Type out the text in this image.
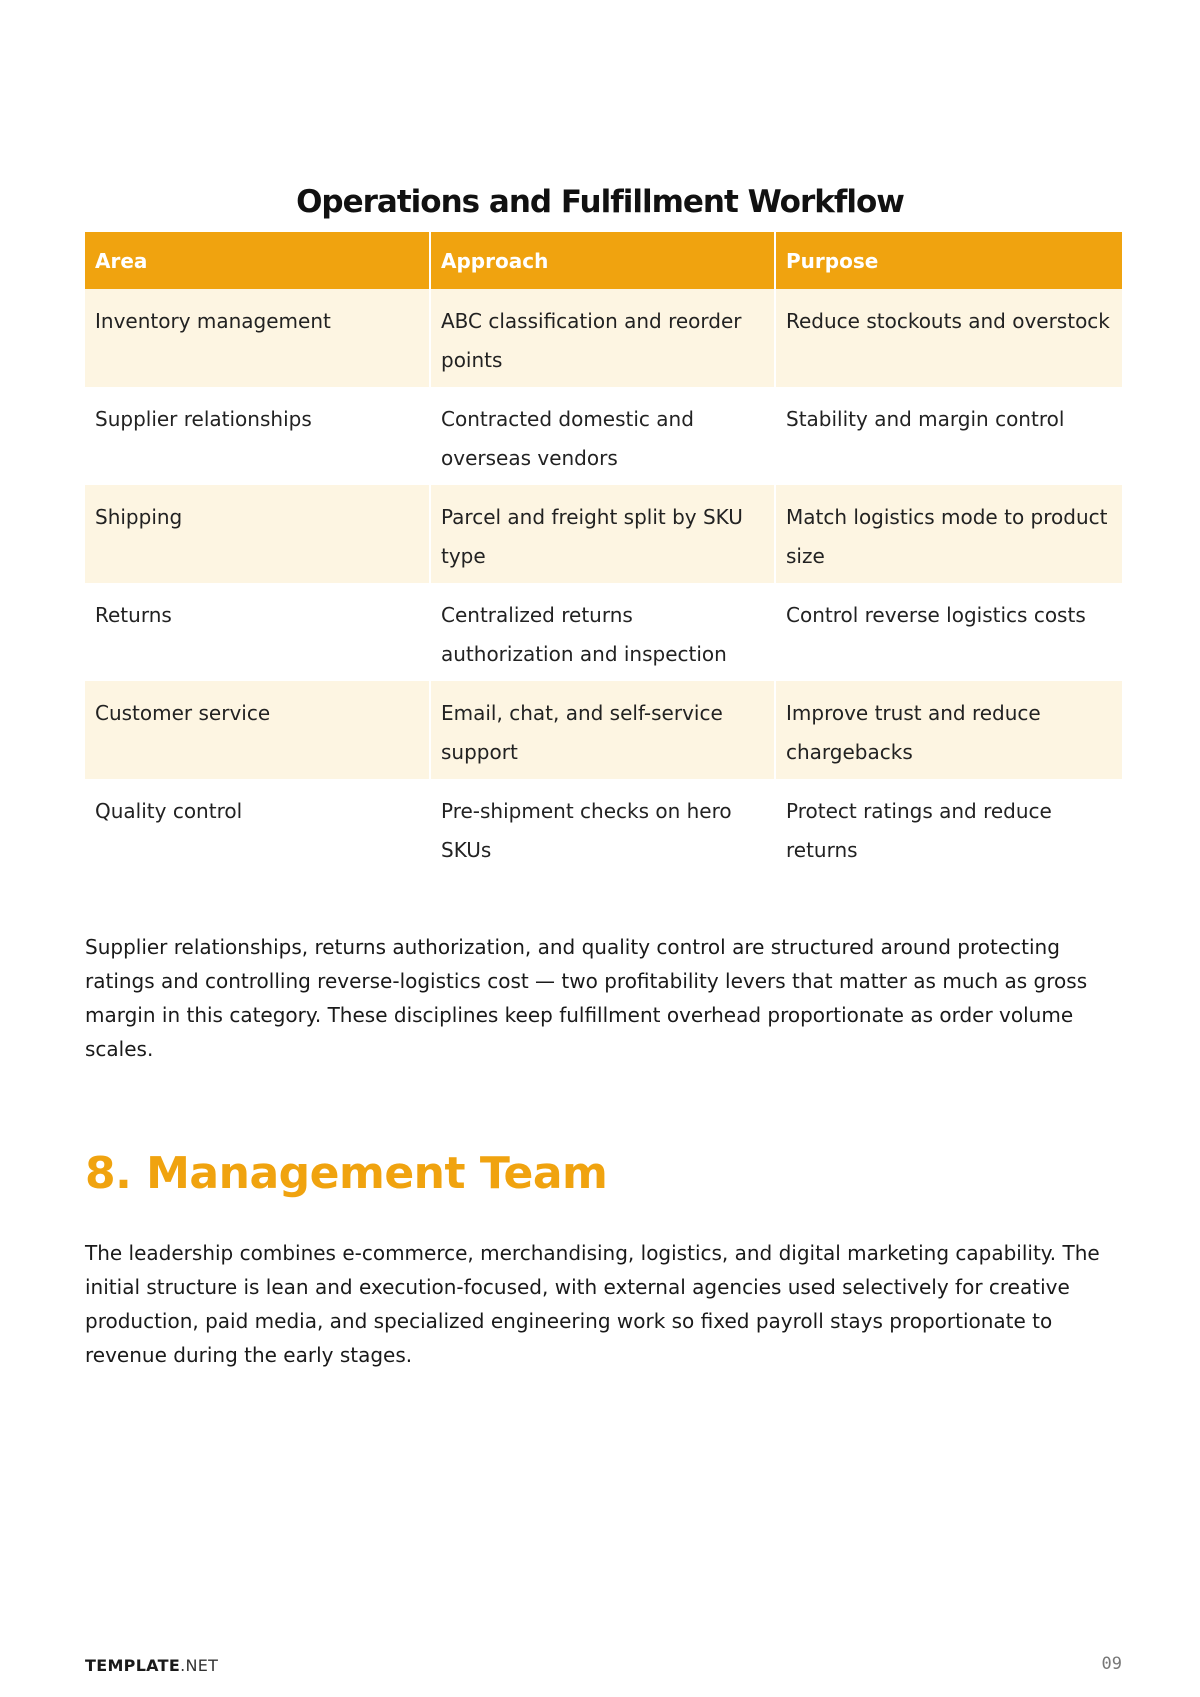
Operations and Fulfillment Workflow
Area	Approach	Purpose
Inventory management	ABC classification and reorder points	Reduce stockouts and overstock
Supplier relationships	Contracted domestic and overseas vendors	Stability and margin control
Shipping	Parcel and freight split by SKU type	Match logistics mode to product size
Returns	Centralized returns authorization and inspection	Control reverse logistics costs
Customer service	Email, chat, and self-service support	Improve trust and reduce chargebacks
Quality control	Pre-shipment checks on hero SKUs	Protect ratings and reduce returns

Supplier relationships, returns authorization, and quality control are structured around protecting ratings and controlling reverse-logistics cost — two profitability levers that matter as much as gross margin in this category. These disciplines keep fulfillment overhead proportionate as order volume scales.

8. Management Team

The leadership combines e-commerce, merchandising, logistics, and digital marketing capability. The initial structure is lean and execution-focused, with external agencies used selectively for creative production, paid media, and specialized engineering work so fixed payroll stays proportionate to revenue during the early stages.

TEMPLATE.NET	09
